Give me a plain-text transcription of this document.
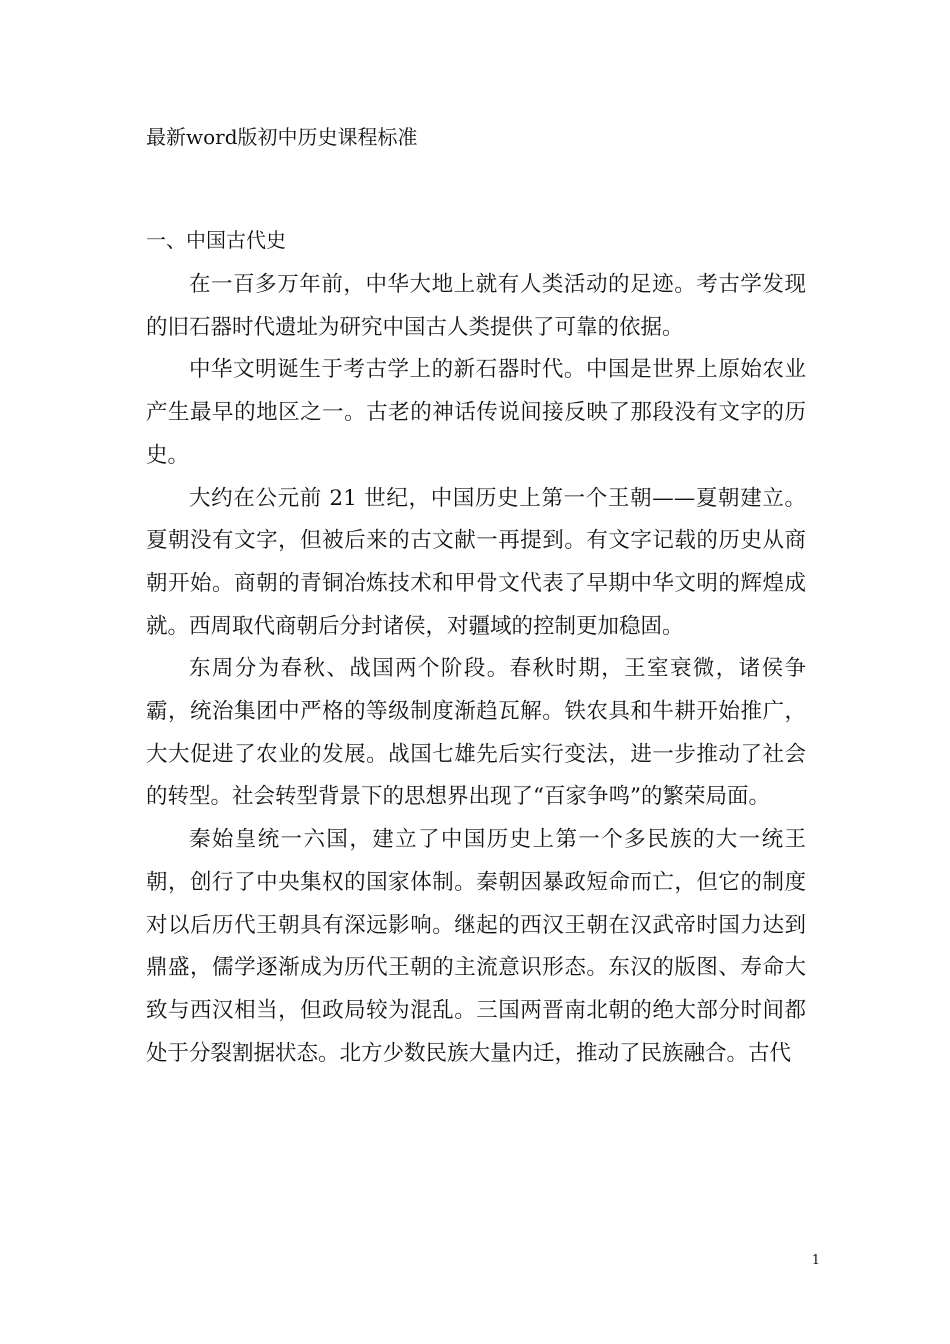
最新word版初中历史课程标准
一、中国古代史

在一百多万年前，中华大地上就有人类活动的足迹。考古学发现的旧石器时代遗址为研究中国古人类提供了可靠的依据。

中华文明诞生于考古学上的新石器时代。中国是世界上原始农业产生最早的地区之一。古老的神话传说间接反映了那段没有文字的历史。

大约在公元前 21 世纪，中国历史上第一个王朝——夏朝建立。夏朝没有文字，但被后来的古文献一再提到。有文字记载的历史从商朝开始。商朝的青铜冶炼技术和甲骨文代表了早期中华文明的辉煌成就。西周取代商朝后分封诸侯，对疆域的控制更加稳固。

东周分为春秋、战国两个阶段。春秋时期，王室衰微，诸侯争霸，统治集团中严格的等级制度渐趋瓦解。铁农具和牛耕开始推广，大大促进了农业的发展。战国七雄先后实行变法，进一步推动了社会的转型。社会转型背景下的思想界出现了“百家争鸣”的繁荣局面。

秦始皇统一六国，建立了中国历史上第一个多民族的大一统王朝，创行了中央集权的国家体制。秦朝因暴政短命而亡，但它的制度对以后历代王朝具有深远影响。继起的西汉王朝在汉武帝时国力达到鼎盛，儒学逐渐成为历代王朝的主流意识形态。东汉的版图、寿命大致与西汉相当，但政局较为混乱。三国两晋南北朝的绝大部分时间都处于分裂割据状态。北方少数民族大量内迁，推动了民族融合。古代

1
